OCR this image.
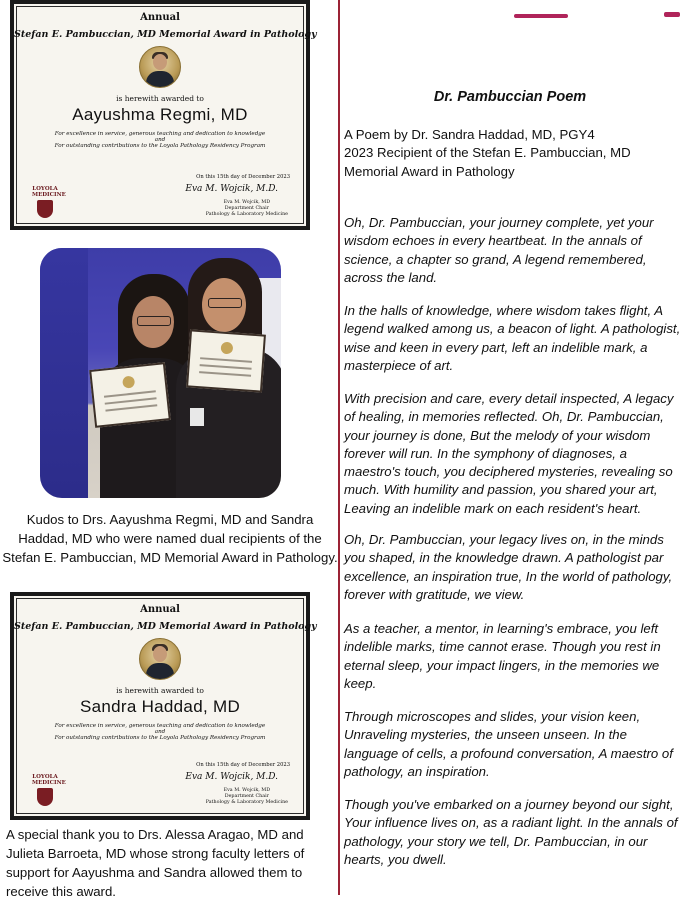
Annual
Stefan E. Pambuccian, MD Memorial Award in Pathology
is herewith awarded to
Aayushma Regmi, MD
For excellence in service, generous teaching and dedication to knowledge
and
For outstanding contributions to the Loyola Pathology Residency Program
On this 15th day of December 2023
Eva M. Wojcik, M.D.
Eva M. Wojcik, MD
Department Chair
Pathology & Laboratory Medicine
LOYOLA
MEDICINE
Kudos to Drs. Aayushma Regmi, MD and Sandra Haddad, MD who were named dual recipients of the Stefan E. Pambuccian, MD Memorial Award in Pathology.
Annual
Stefan E. Pambuccian, MD Memorial Award in Pathology
is herewith awarded to
Sandra Haddad, MD
For excellence in service, generous teaching and dedication to knowledge
and
For outstanding contributions to the Loyola Pathology Residency Program
On this 15th day of December 2023
Eva M. Wojcik, M.D.
Eva M. Wojcik, MD
Department Chair
Pathology & Laboratory Medicine
LOYOLA
MEDICINE
A special thank you to Drs. Alessa Aragao, MD and Julieta Barroeta, MD whose strong faculty letters of support for Aayushma and Sandra allowed them to receive this award.
Dr. Pambuccian Poem
A Poem by Dr. Sandra Haddad, MD, PGY4
2023 Recipient of the Stefan E. Pambuccian, MD Memorial Award in Pathology
Oh, Dr. Pambuccian, your journey complete, yet your wisdom echoes in every heartbeat. In the annals of science, a chapter so grand, A legend remembered, across the land.
In the halls of knowledge, where wisdom takes flight, A legend walked among us, a beacon of light. A pathologist, wise and keen in every part, left an indelible mark, a masterpiece of art.
With precision and care, every detail inspected, A legacy of healing, in memories reflected. Oh, Dr. Pambuccian, your journey is done, But the melody of your wisdom forever will run. In the symphony of diagnoses, a maestro's touch, you deciphered mysteries, revealing so much. With humility and passion, you shared your art, Leaving an indelible mark on each resident's heart.
Oh, Dr. Pambuccian, your legacy lives on, in the minds you shaped, in the knowledge drawn. A pathologist par excellence, an inspiration true, In the world of pathology, forever with gratitude, we view.
As a teacher, a mentor, in learning's embrace, you left indelible marks, time cannot erase. Though you rest in eternal sleep, your impact lingers, in the memories we keep.
Through microscopes and slides, your vision keen, Unraveling mysteries, the unseen unseen. In the language of cells, a profound conversation, A maestro of pathology, an inspiration.
Though you've embarked on a journey beyond our sight, Your influence lives on, as a radiant light. In the annals of pathology, your story we tell, Dr. Pambuccian, in our hearts, you dwell.
